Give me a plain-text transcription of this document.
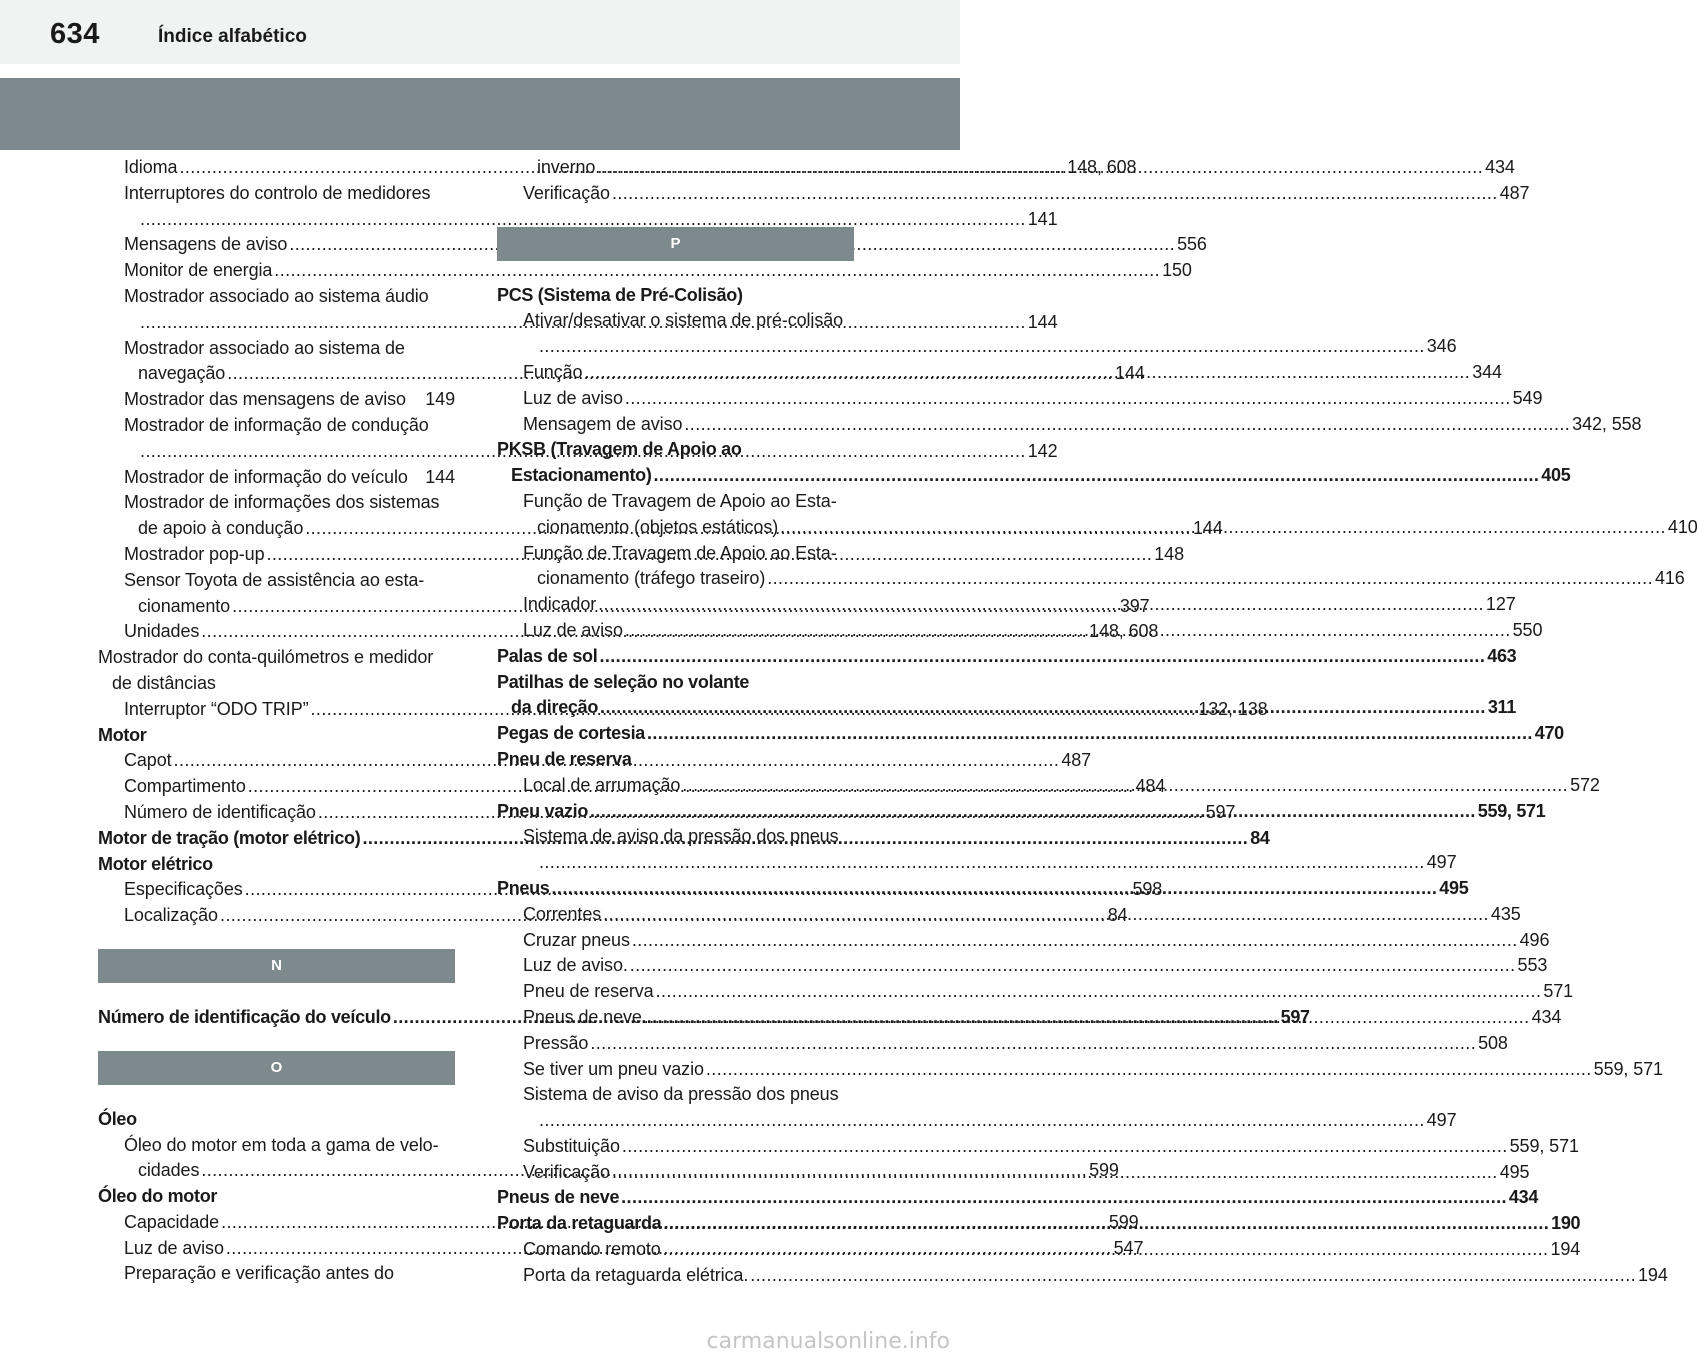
634	Índice alfabético
Idioma .....	148, 608
Interruptores do controlo de medidores
..... 141
Mensagens de aviso .....	556
Monitor de energia .....	150
Mostrador associado ao sistema áudio
..... 144
Mostrador associado ao sistema de
navegação .....	144
Mostrador das mensagens de aviso 149
Mostrador de informação de condução
..... 142
Mostrador de informação do veículo 144
Mostrador de informações dos sistemas
de apoio à condução .....	144
Mostrador pop-up .....	148
Sensor Toyota de assistência ao esta-
cionamento .....	397
Unidades .....	148, 608
Mostrador do conta-quilómetros e medidor
de distâncias
Interruptor “ODO TRIP” .....	132, 138
Motor
Capot .....	487
Compartimento .....	484
Número de identificação .....	597
Motor de tração (motor elétrico) .....	84
Motor elétrico
Especificações .....	598
Localização .....	84
N
Número de identificação do veículo .....	597
O
Óleo
Óleo do motor em toda a gama de velo-
cidades .....	599
Óleo do motor
Capacidade .....	599
Luz de aviso .....	547
Preparação e verificação antes do
inverno .....	434
Verificação .....	487
P
PCS (Sistema de Pré-Colisão)
Ativar/desativar o sistema de pré-colisão
..... 346
Função .....	344
Luz de aviso .....	549
Mensagem de aviso .....	342, 558
PKSB (Travagem de Apoio ao
Estacionamento) .....	405
Função de Travagem de Apoio ao Esta-
cionamento (objetos estáticos) .....	410
Função de Travagem de Apoio ao Esta-
cionamento (tráfego traseiro) .....	416
Indicador .....	127
Luz de aviso .....	550
Palas de sol .....	463
Patilhas de seleção no volante
da direção .....	311
Pegas de cortesia .....	470
Pneu de reserva
Local de arrumação .....	572
Pneu vazio .....	559, 571
Sistema de aviso da pressão dos pneus
..... 497
Pneus .....	495
Correntes .....	435
Cruzar pneus .....	496
Luz de aviso. .....	553
Pneu de reserva .....	571
Pneus de neve .....	434
Pressão .....	508
Se tiver um pneu vazio .....	559, 571
Sistema de aviso da pressão dos pneus
..... 497
Substituição .....	559, 571
Verificação .....	495
Pneus de neve .....	434
Porta da retaguarda .....	190
Comando remoto .....	194
Porta da retaguarda elétrica. .....	194
carmanualsonline.info
